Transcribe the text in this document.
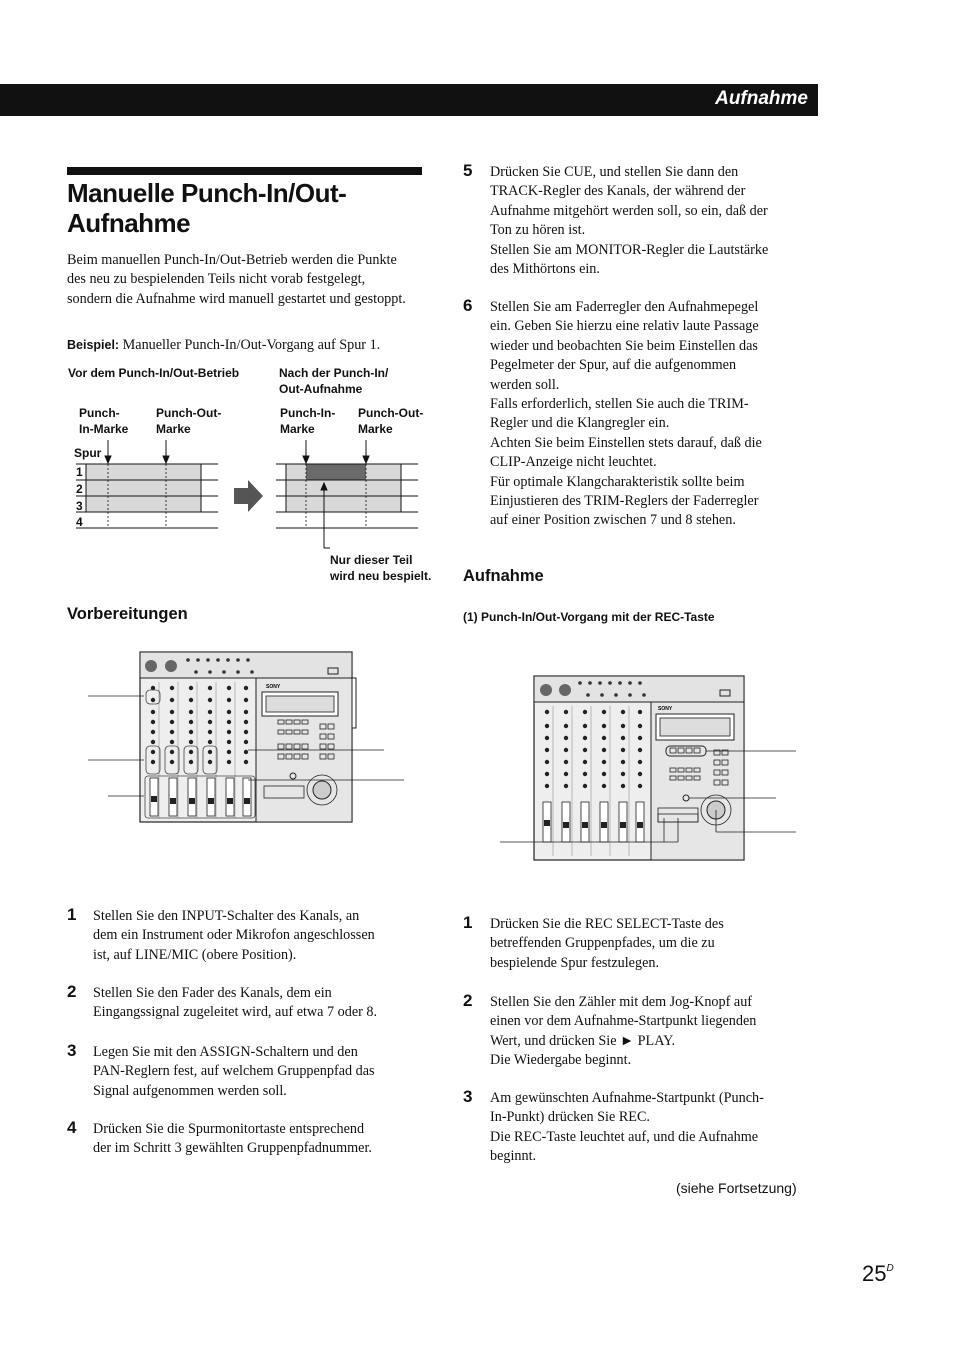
Aufnahme
Manuelle Punch-In/Out-
Aufnahme
Beim manuellen Punch-In/Out-Betrieb werden die Punkte des neu zu bespielenden Teils nicht vorab festgelegt, sondern die Aufnahme wird manuell gestartet und gestoppt.
Beispiel: Manueller Punch-In/Out-Vorgang auf Spur 1.
Vor dem Punch-In/Out-Betrieb	Nach der Punch-In/
Out-Aufnahme
Punch-
In-Marke
Punch-Out-
Marke
Punch-In-
Marke
Punch-Out-
Marke
Spur
1
2
3
4
Nur dieser Teil
wird neu bespielt.
Vorbereitungen
SONY
1 Stellen Sie den INPUT-Schalter des Kanals, an
dem ein Instrument oder Mikrofon angeschlossen
ist, auf LINE/MIC (obere Position).
2 Stellen Sie den Fader des Kanals, dem ein
Eingangssignal zugeleitet wird, auf etwa 7 oder 8.
3 Legen Sie mit den ASSIGN-Schaltern und den
PAN-Reglern fest, auf welchem Gruppenpfad das
Signal aufgenommen werden soll.
4 Drücken Sie die Spurmonitortaste entsprechend
der im Schritt 3 gewählten Gruppenpfadnummer.
5 Drücken Sie CUE, und stellen Sie dann den
TRACK-Regler des Kanals, der während der
Aufnahme mitgehört werden soll, so ein, daß der
Ton zu hören ist.
Stellen Sie am MONITOR-Regler die Lautstärke
des Mithörtons ein.
6 Stellen Sie am Faderregler den Aufnahmepegel
ein. Geben Sie hierzu eine relativ laute Passage
wieder und beobachten Sie beim Einstellen das
Pegelmeter der Spur, auf die aufgenommen
werden soll.
Falls erforderlich, stellen Sie auch die TRIM-
Regler und die Klangregler ein.
Achten Sie beim Einstellen stets darauf, daß die
CLIP-Anzeige nicht leuchtet.
Für optimale Klangcharakteristik sollte beim
Einjustieren des TRIM-Reglers der Faderregler
auf einer Position zwischen 7 und 8 stehen.
Aufnahme
(1) Punch-In/Out-Vorgang mit der REC-Taste
SONY
1 Drücken Sie die REC SELECT-Taste des
betreffenden Gruppenpfades, um die zu
bespielende Spur festzulegen.
2 Stellen Sie den Zähler mit dem Jog-Knopf auf
einen vor dem Aufnahme-Startpunkt liegenden
Wert, und drücken Sie ► PLAY.
Die Wiedergabe beginnt.
3 Am gewünschten Aufnahme-Startpunkt (Punch-
In-Punkt) drücken Sie REC.
Die REC-Taste leuchtet auf, und die Aufnahme
beginnt.
(siehe Fortsetzung)
$25^D$
